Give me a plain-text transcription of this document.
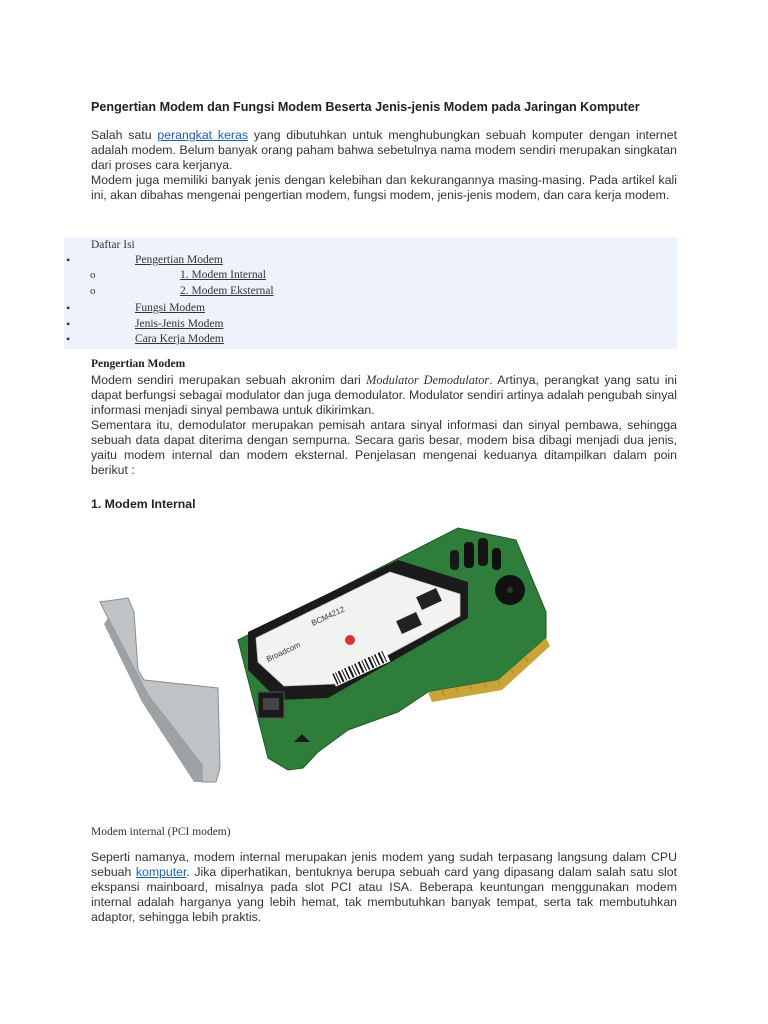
Pengertian Modem dan Fungsi Modem Beserta Jenis-jenis Modem pada Jaringan Komputer
Salah satu perangkat keras yang dibutuhkan untuk menghubungkan sebuah komputer dengan internet adalah modem. Belum banyak orang paham bahwa sebetulnya nama modem sendiri merupakan singkatan dari proses cara kerjanya.
Modem juga memiliki banyak jenis dengan kelebihan dan kekurangannya masing-masing. Pada artikel kali ini, akan dibahas mengenai pengertian modem, fungsi modem, jenis-jenis modem, dan cara kerja modem.
Daftar Isi
•	Pengertian Modem
o	1. Modem Internal
o	2. Modem Eksternal
•	Fungsi Modem
•	Jenis-Jenis Modem
•	Cara Kerja Modem
Pengertian Modem
Modem sendiri merupakan sebuah akronim dari Modulator Demodulator. Artinya, perangkat yang satu ini dapat berfungsi sebagai modulator dan juga demodulator. Modulator sendiri artinya adalah pengubah sinyal informasi menjadi sinyal pembawa untuk dikirimkan.
Sementara itu, demodulator merupakan pemisah antara sinyal informasi dan sinyal pembawa, sehingga sebuah data dapat diterima dengan sempurna. Secara garis besar, modem bisa dibagi menjadi dua jenis, yaitu modem internal dan modem eksternal. Penjelasan mengenai keduanya ditampilkan dalam poin berikut :
1. Modem Internal
Broadcom
BCM4212
Modem internal (PCI modem)
Seperti namanya, modem internal merupakan jenis modem yang sudah terpasang langsung dalam CPU sebuah komputer. Jika diperhatikan, bentuknya berupa sebuah card yang dipasang dalam salah satu slot ekspansi mainboard, misalnya pada slot PCI atau ISA. Beberapa keuntungan menggunakan modem internal adalah harganya yang lebih hemat, tak membutuhkan banyak tempat, serta tak membutuhkan adaptor, sehingga lebih praktis.
